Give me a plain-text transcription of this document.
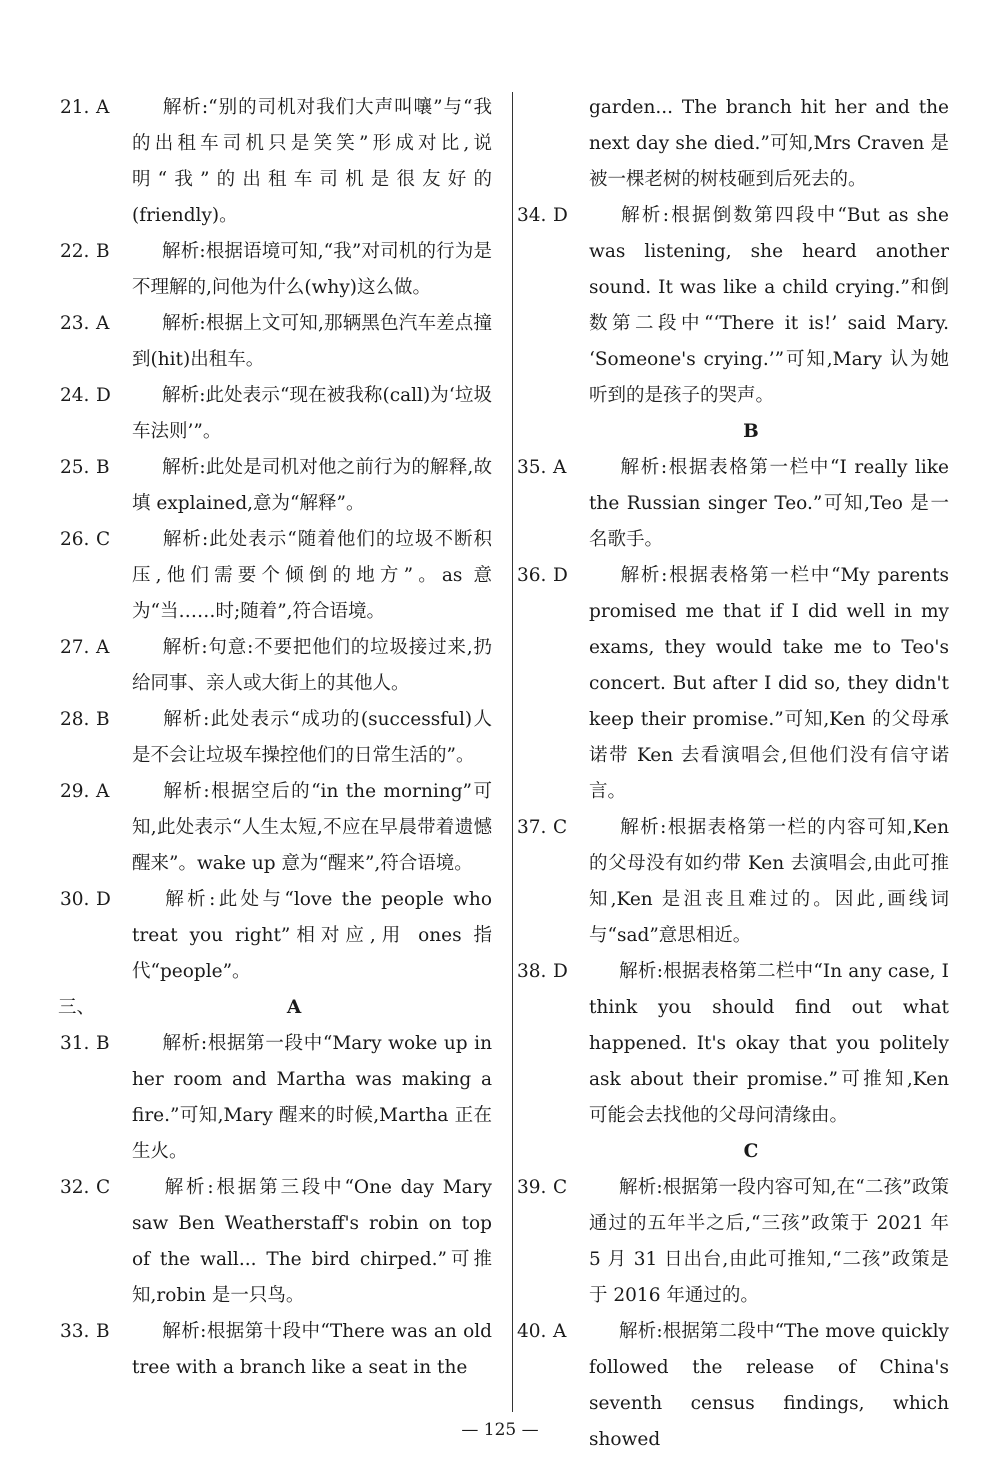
21. A	解析:“别的司机对我们大声叫嚷”与“我的出租车司机只是笑笑”形成对比,说明“我”的出租车司机是很友好的(friendly)。

22. B	解析:根据语境可知,“我”对司机的行为是不理解的,问他为什么(why)这么做。

23. A	解析:根据上文可知,那辆黑色汽车差点撞到(hit)出租车。

24. D 解析:此处表示“现在被我称(call)为‘垃圾车法则’”。

25. B	解析:此处是司机对他之前行为的解释,故填 explained,意为“解释”。

26. C 解析:此处表示“随着他们的垃圾不断积压,他们需要个倾倒的地方”。as 意为“当……时;随着”,符合语境。

27. A	解析:句意:不要把他们的垃圾接过来,扔给同事、亲人或大街上的其他人。

28. B	解析:此处表示“成功的(successful)人是不会让垃圾车操控他们的日常生活的”。

29. A	解析:根据空后的“in the morning”可知,此处表示“人生太短,不应在早晨带着遗憾醒来”。wake up 意为“醒来”,符合语境。

30. D 解析:此处与“love the people who treat you right”相对应,用 ones 指代“people”。

三、	A

31. B	解析:根据第一段中“Mary woke up in her room and Martha was making a fire.”可知,Mary 醒来的时候,Martha 正在生火。

32. C 解析:根据第三段中“One day Mary saw Ben Weatherstaff's robin on top of the wall... The bird chirped.”可推知,robin 是一只鸟。

33. B	解析:根据第十段中“There was an old tree with a branch like a seat in the

garden... The branch hit her and the next day she died.”可知,Mrs Craven 是被一棵老树的树枝砸到后死去的。

34. D 解析:根据倒数第四段中“But as she was listening, she heard another sound. It was like a child crying.”和倒数第二段中“‘There it is!’ said Mary. ‘Someone's crying.’”可知,Mary 认为她听到的是孩子的哭声。

B

35. A	解析:根据表格第一栏中“I really like the Russian singer Teo.”可知,Teo 是一名歌手。

36. D 解析:根据表格第一栏中“My parents promised me that if I did well in my exams, they would take me to Teo's concert. But after I did so, they didn't keep their promise.”可知,Ken 的父母承诺带 Ken 去看演唱会,但他们没有信守诺言。

37. C 解析:根据表格第一栏的内容可知,Ken 的父母没有如约带 Ken 去演唱会,由此可推知,Ken 是沮丧且难过的。因此,画线词与“sad”意思相近。

38. D 解析:根据表格第二栏中“In any case, I think you should find out what happened. It's okay that you politely ask about their promise.”可推知,Ken 可能会去找他的父母问清缘由。

C

39. C 解析:根据第一段内容可知,在“二孩”政策通过的五年半之后,“三孩”政策于 2021 年 5 月 31 日出台,由此可推知,“二孩”政策是于 2016 年通过的。

40. A	解析:根据第二段中“The move quickly followed the release of China's seventh census findings, which showed

— 125 —
